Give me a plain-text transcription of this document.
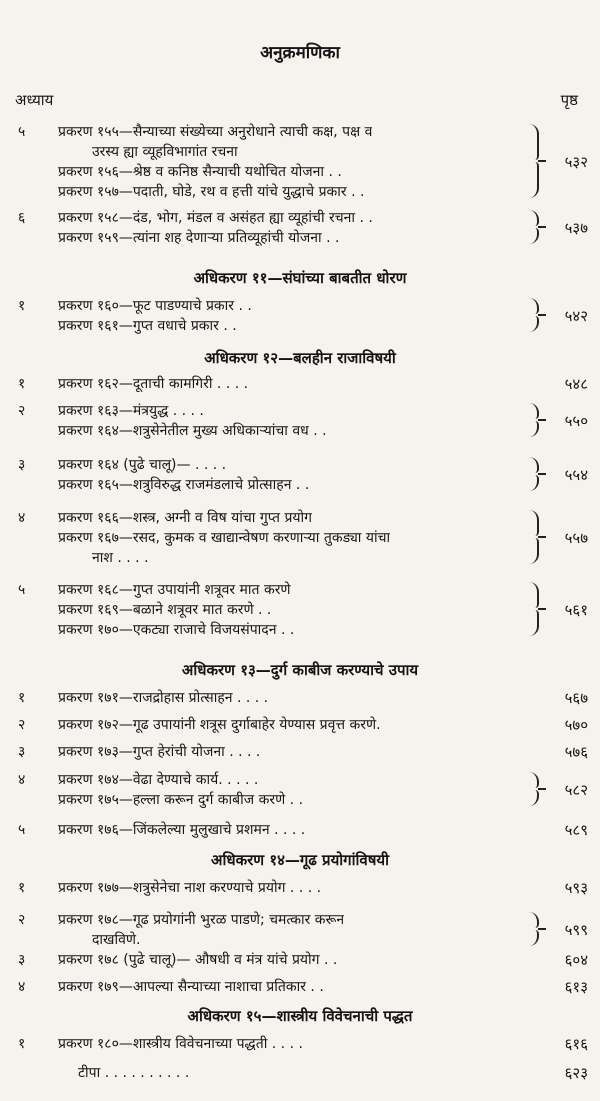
अनुक्रमणिका
अध्याय	पृष्ठ
५ प्रकरण १५५—सैन्याच्या संख्येच्या अनुरोधाने त्याची कक्ष, पक्ष व
उरस्य ह्या व्यूहविभागांत रचना
प्रकरण १५६—श्रेष्ठ व कनिष्ठ सैन्याची यथोचित योजना . .
प्रकरण १५७—पदाती, घोडे, रथ व हत्ती यांचे युद्धाचे प्रकार . .
५३२
६ प्रकरण १५८—दंड, भोग, मंडल व असंहत ह्या व्यूहांची रचना . .
प्रकरण १५९—त्यांना शह देणाऱ्या प्रतिव्यूहांची योजना . .
५३७
अधिकरण ११—संघांच्या बाबतीत धोरण
१ प्रकरण १६०—फूट पाडण्याचे प्रकार . .
प्रकरण १६१—गुप्त वधाचे प्रकार . .
५४२
अधिकरण १२—बलहीन राजाविषयी
१ प्रकरण १६२—दूताची कामगिरी . . . .	५४८
२ प्रकरण १६३—मंत्रयुद्ध . . . .
प्रकरण १६४—शत्रुसेनेतील मुख्य अधिकाऱ्यांचा वध . .
५५०
३ प्रकरण १६४ (पुढे चालू)— . . . .
प्रकरण १६५—शत्रुविरुद्ध राजमंडलाचे प्रोत्साहन . .
५५४
४ प्रकरण १६६—शस्त्र, अग्नी व विष यांचा गुप्त प्रयोग
प्रकरण १६७—रसद, कुमक व खाद्यान्वेषण करणाऱ्या तुकड्या यांचा
नाश . . . .
५५७
५ प्रकरण १६८—गुप्त उपायांनी शत्रूवर मात करणे
प्रकरण १६९—बळाने शत्रूवर मात करणे . .
प्रकरण १७०—एकट्या राजाचे विजयसंपादन . .
५६१
अधिकरण १३—दुर्ग काबीज करण्याचे उपाय
१ प्रकरण १७१—राजद्रोहास प्रोत्साहन . . . .	५६७
२ प्रकरण १७२—गूढ उपायांनी शत्रूस दुर्गाबाहेर येण्यास प्रवृत्त करणे.	५७०
३ प्रकरण १७३—गुप्त हेरांची योजना . . . .	५७६
४ प्रकरण १७४—वेढा देण्याचे कार्य. . . . .
प्रकरण १७५—हल्ला करून दुर्ग काबीज करणे . .
५८२
५ प्रकरण १७६—जिंकलेल्या मुलुखाचे प्रशमन . . . .	५८९
अधिकरण १४—गूढ प्रयोगांविषयी
१ प्रकरण १७७—शत्रुसेनेचा नाश करण्याचे प्रयोग . . . .	५९३
२ प्रकरण १७८—गूढ प्रयोगांनी भुरळ पाडणे; चमत्कार करून
दाखविणे.
५९९
३ प्रकरण १७८ (पुढे चालू)— औषधी व मंत्र यांचे प्रयोग . .	६०४
४ प्रकरण १७९—आपल्या सैन्याच्या नाशाचा प्रतिकार . .	६१३
अधिकरण १५—शास्त्रीय विवेचनाची पद्धत
१ प्रकरण १८०—शास्त्रीय विवेचनाच्या पद्धती . . . .	६१६
टीपा . . . . . . . . . .	६२३
